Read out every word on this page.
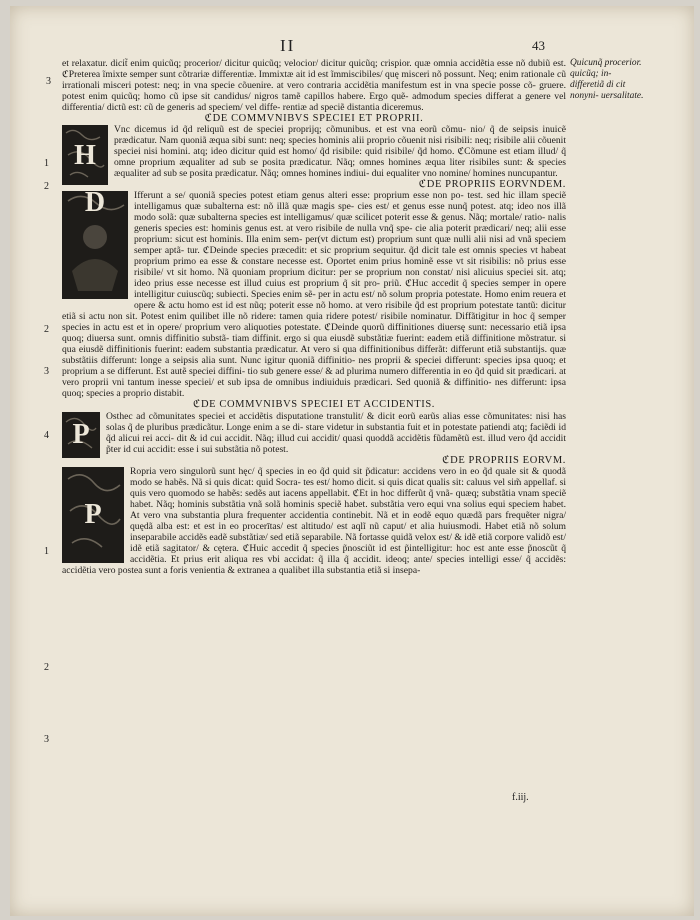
II	43
Quicunq̃ procerior. quicũq; in- differetiã di cit nonyni- uersalitate.
3
1
2
2
3
4
1
2
3

et relaxatur. dicit̃ enim quicũq; procerior/ dicitur quicũq; velocior/ dicitur quicũq; crispior. quæ omnia accidẽtia esse nõ dubiũ est. ℭPreterea ĩmixte semper sunt cõtrariæ differentiæ. Immixtæ ait id est ĩmmiscibiles/ quę misceri nõ possunt. Neq; enim rationale cũ irrationali misceri potest: neq; in vna specie cõuenire. at vero contraria accidẽtia manifestum est in vna specie posse cõ- gruere. potest enim quicũq; homo cũ ipse sit candidus/ nigros tamẽ capillos habere. Ergo quẽ- admodum species differat a genere vel differentia/ dictũ est: cũ de generis ad speciem/ vel diffe- rentiæ ad speciẽ distantia diceremus.

ℭDE COMMVNIBVS SPECIEI ET PROPRII.

H

Vnc dicemus id q̃d reliquũ est de speciei proprijq; cõmunibus. et est vna eorũ cõmu- nio/ q̃ de seipsis inuicẽ prædicatur. Nam quoniã æqua sibi sunt: neq; species hominis alii proprio cõuenit nisi risibili: neq; risibile alii cõuenit speciei nisi homini. atq; ideo dicitur quid est homo/ q̃d risibile: quid risibile/ q̃d homo. ℭCõmune est etiam illud/ q̃ omne proprium æqualiter ad sub se posita prædicatur. Nãq; omnes homines æqua liter risibiles sunt: & species æqualiter ad sub se posita prædicatur. Nãq; omnes homines indiui- dui equaliter vno nomine/ homines nuncupantur.

ℭDE PROPRIIS EORVNDEM.

D	Ifferunt a se/ quoniã species potest etiam genus alteri esse: proprium esse non po- test. sed hic illam speciẽ intelligamus quæ subalterna est: nõ illã quæ magis spe- cies est/ et genus esse nunq̃ potest. atq; ideo nos illã modo solã: quæ subalterna species est intelligamus/ quæ scilicet poterit esse & genus. Nãq; mortale/ ratio- nalis generis species est: hominis genus est. at vero risibile de nulla vnq̃ spe- cie alia poterit prædicari/ neq; alii esse proprium: sicut est hominis. Illa enim sem- per(vt dictum est) proprium sunt quæ nulli alii nisi ad vnã speciem semper aptã- tur. ℭDeinde species præcedit: et sic proprium sequitur. q̃d dicit tale est omnis species vt habeat proprium primo ea esse & constare necesse est. Oportet enim prius hominẽ esse vt sit risibilis: nõ prius esse risibile/ vt sit homo. Nã quoniam proprium dicitur: per se proprium non constat/ nisi alicuius speciei sit. atq; ideo prius esse necesse est illud cuius est proprium q̃ sit pro- priũ. ℭHuc accedit q̃ species semper in opere intelligitur cuiuscũq; subiecti. Species enim sẽ- per in actu est/ nõ solum propria potestate. Homo enim reuera et opere & actu homo est id est nũq; poterit esse nõ homo. at vero risibile q̃d est proprium potestate tantũ: dicitur etiã si actu non sit. Potest enim quilibet ille nõ ridere: tamen quia ridere potest/ risibile nominatur. Diffãtigitur in hoc q̃ semper species in actu est et in opere/ proprium vero aliquoties potestate. ℭDeinde quorũ diffinitiones diuersę sunt: necessario etiã ipsa quoq; diuersa sunt. omnis diffinitio substã- tiam diffinit. ergo si qua eiusdẽ substãtiæ fuerint: eadem etiã diffinitione mõstratur. si qua eiusdẽ diffinitionis fuerint: eadem substantia prædicatur. At vero si qua diffinitionibus differãt: differunt etiã substantijs. quæ substãtiis differunt: longe a seipsis alia sunt. Nunc igitur quoniã diffinitio- nes proprii & speciei differunt: species ipsa quoq; et proprium a se differunt. Est autẽ speciei diffini- tio sub genere esse/ & ad plurima numero differentia in eo q̃d quid sit prædicari. at vero proprii vni tantum inesse speciei/ et sub ipsa de omnibus indiuiduis prædicari. Sed quoniã & diffinitio- nes differunt: ipsa quoq; species a proprio distabit.

ℭDE COMMVNIBVS SPECIEI ET ACCIDENTIS.

P

Osthec ad cõmunitates speciei et accidẽtis disputatione transtulit/ & dicit eorũ earũs alias esse cõmunitates: nisi has solas q̃ de pluribus prædicãtur. Longe enim a se di- stare videtur in substantia fuit et in potestate patiendi atq; faciẽdi id q̃d alicui rei acci- dit & id cui accidit. Nãq; illud cui accidit/ quasi quoddã accidẽtis fũdamẽtũ est. illud vero q̃d accidit p̃ter id cui accidit: esse i sui substãtia nõ potest.

ℭDE PROPRIIS EORVM.

P

Ropria vero singulorũ sunt hęc/ q̃ species in eo q̃d quid sit p̃dicatur: accidens vero in eo q̃d quale sit & quodã modo se habẽs. Nã si quis dicat: quid Socra- tes est/ homo dicit. si quis dicat qualis sit: caluus vel sim̃ appellaf. si quis vero quomodo se habẽs: sedẽs aut iacens appellabit. ℭEt in hoc differũt q̃ vnã- quæq; substãtia vnam speciẽ habet. Nãq; hominis substãtia vnã solã hominis speciẽ habet. substãtia vero equi vna solius equi speciem habet. At vero vna substantia plura frequenter accidentia continebit. Nã et in eodẽ equo quædã pars frequẽter nigra/ quędã alba est: et est in eo procerītas/ est altitudo/ est aqlĩ nũ caput/ et alia huiusmodi. Habet etiã nõ solum inseparabile accidẽs eadẽ substãtiæ/ sed etiã separabile. Nã fortasse quidã velox est/ & idẽ etiã corpore validõ est/ idẽ etiã sagitator/ & cętera. ℭHuic accedit q̃ species p̃nosciũt id est p̃intelligitur: hoc est ante esse p̃noscũt q̃ accidẽtia. Et prius erit aliqua res vbi accidat: q̃ illa q̃ accidit. ideoq; ante/ species intelligi esse/ q̃ accidẽs: accidẽtia vero postea sunt a foris venientia & extranea a qualibet illa substantia etiã si insepa-

f.iij.
